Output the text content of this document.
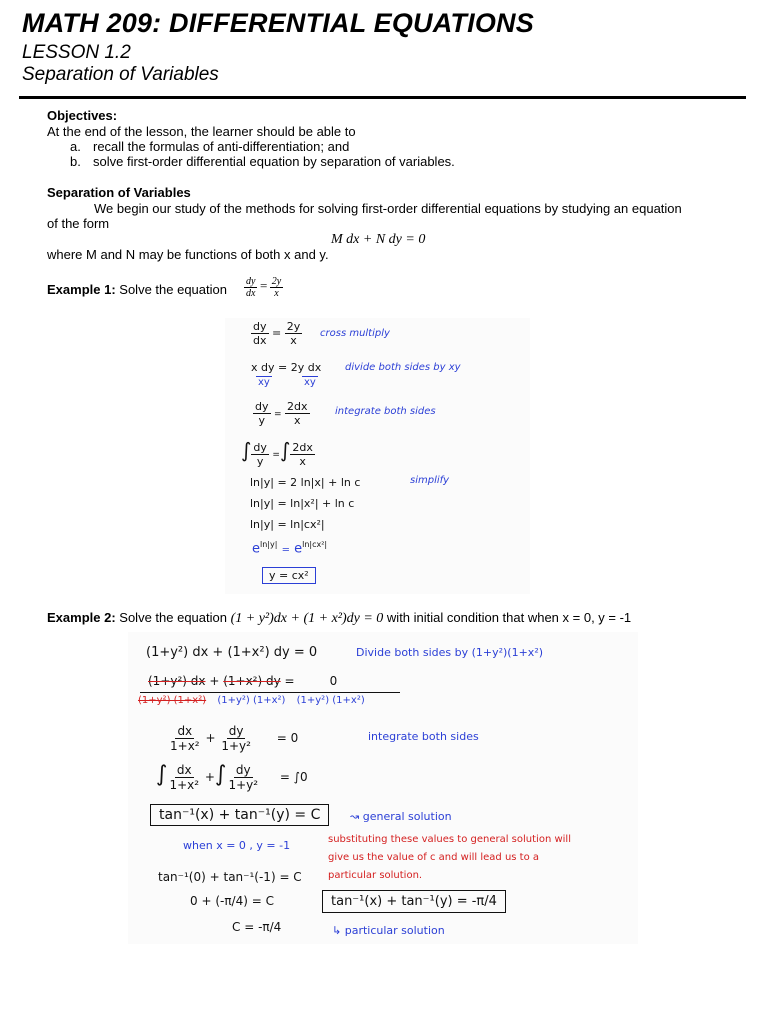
MATH 209: DIFFERENTIAL EQUATIONS
LESSON 1.2
Separation of Variables
Objectives:
At the end of the lesson, the learner should be able to
a. recall the formulas of anti-differentiation; and
b. solve first-order differential equation by separation of variables.
Separation of Variables
We begin our study of the methods for solving first-order differential equations by studying an equation
of the form
M dx + N dy = 0
where M and N may be functions of both x and y.
Example 1: Solve the equation $\frac{dy}{dx} = \frac{2y}{x}$
$\frac{dy}{dx} = \frac{2y}{x}$ cross multiply
x dy = 2y dx
xy	xy
divide both sides by xy
$\frac{dy}{y} = \frac{2dx}{x}$	integrate both sides
∫ $\frac{dy}{y}$ =∫ $\frac{2dx}{x}$
ln|y| = 2 ln|x| + ln c	simplify
ln|y| = ln|x²| + ln c
ln|y| = ln|cx²|
$e^{ln|y|} = e^{ln|cx^2|}$
y = cx²
Example 2: Solve the equation (1 + y²)dx + (1 + x²)dy = 0 with initial condition that when x = 0, y = -1
(1+y²) dx + (1+x²) dy = 0	Divide both sides by (1+y²)(1+x²)
(1+y²) dx + (1+x²) dy =	0
(1+y²) (1+x²) (1+y²) (1+x²) (1+y²) (1+x²)
$\frac{dx}{\text{1+x²}} + \frac{dy}{\text{1+y²}} = 0$	integrate both sides
∫ $\frac{dx}{\text{1+x²}}$ +∫ $\frac{dy}{\text{1+y²}} = \int 0$
tan⁻¹(x) + tan⁻¹(y) = C	↝ general solution
when x = 0 , y = -1	substituting these values to general solution will
give us the value of c and will lead us to a
particular solution.
tan⁻¹(0) + tan⁻¹(-1) = C
0 + (-π/4) = C
C = -π/4
tan⁻¹(x) + tan⁻¹(y) = -π/4
↳ particular solution
